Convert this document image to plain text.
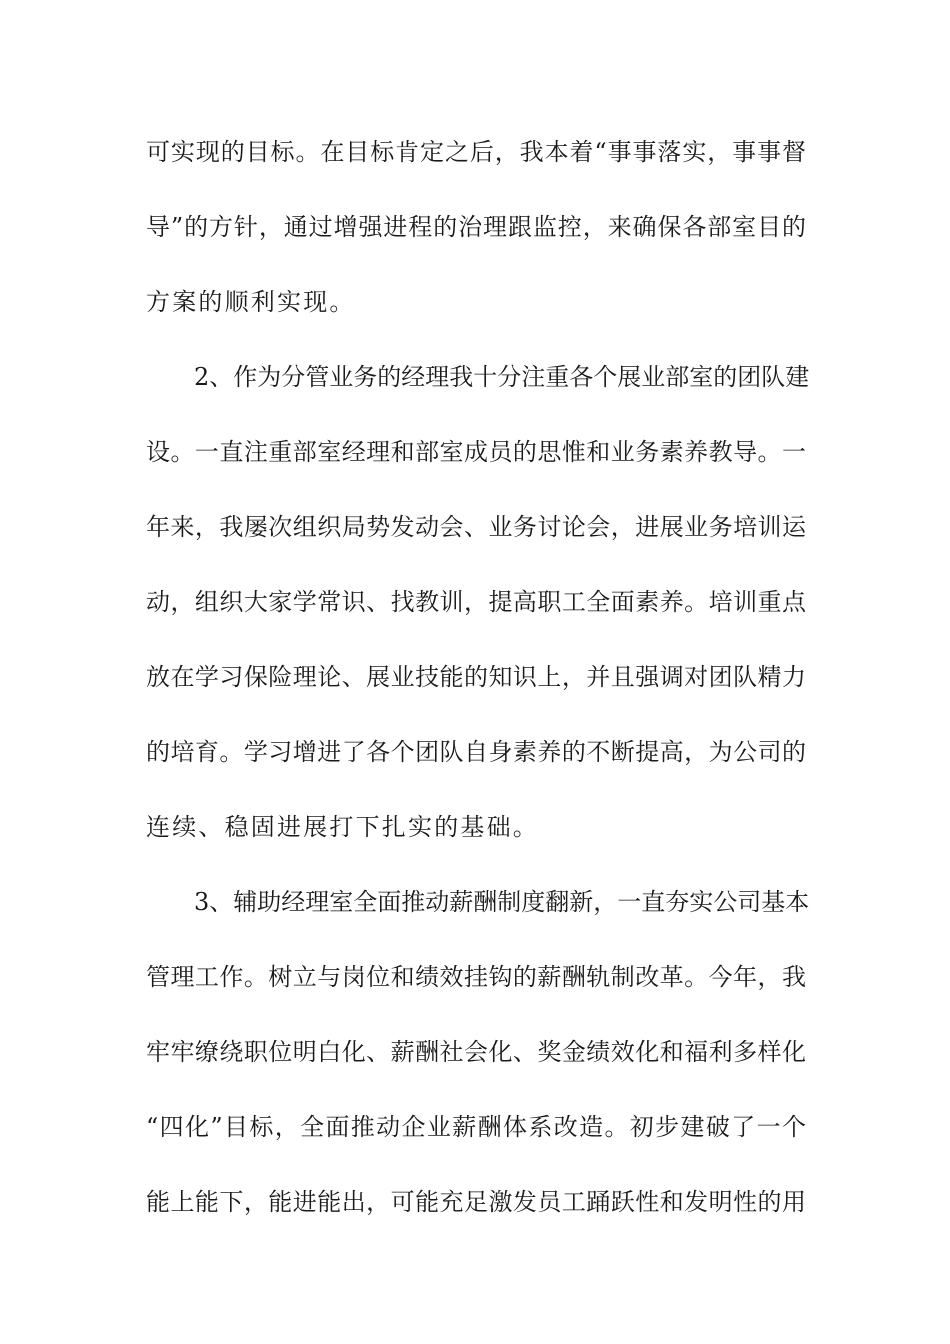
可实现的目标。在目标肯定之后，我本着“事事落实，事事督
导”的方针，通过增强进程的治理跟监控，来确保各部室目的
方案的顺利实现。
2、作为分管业务的经理我十分注重各个展业部室的团队建
设。一直注重部室经理和部室成员的思惟和业务素养教导。一
年来，我屡次组织局势发动会、业务讨论会，进展业务培训运
动，组织大家学常识、找教训，提高职工全面素养。培训重点
放在学习保险理论、展业技能的知识上，并且强调对团队精力
的培育。学习增进了各个团队自身素养的不断提高，为公司的
连续、稳固进展打下扎实的基础。
3、辅助经理室全面推动薪酬制度翻新，一直夯实公司基本
管理工作。树立与岗位和绩效挂钩的薪酬轨制改革。今年，我
牢牢缭绕职位明白化、薪酬社会化、奖金绩效化和福利多样化
“四化”目标，全面推动企业薪酬体系改造。初步建破了一个
能上能下，能进能出，可能充足激发员工踊跃性和发明性的用
